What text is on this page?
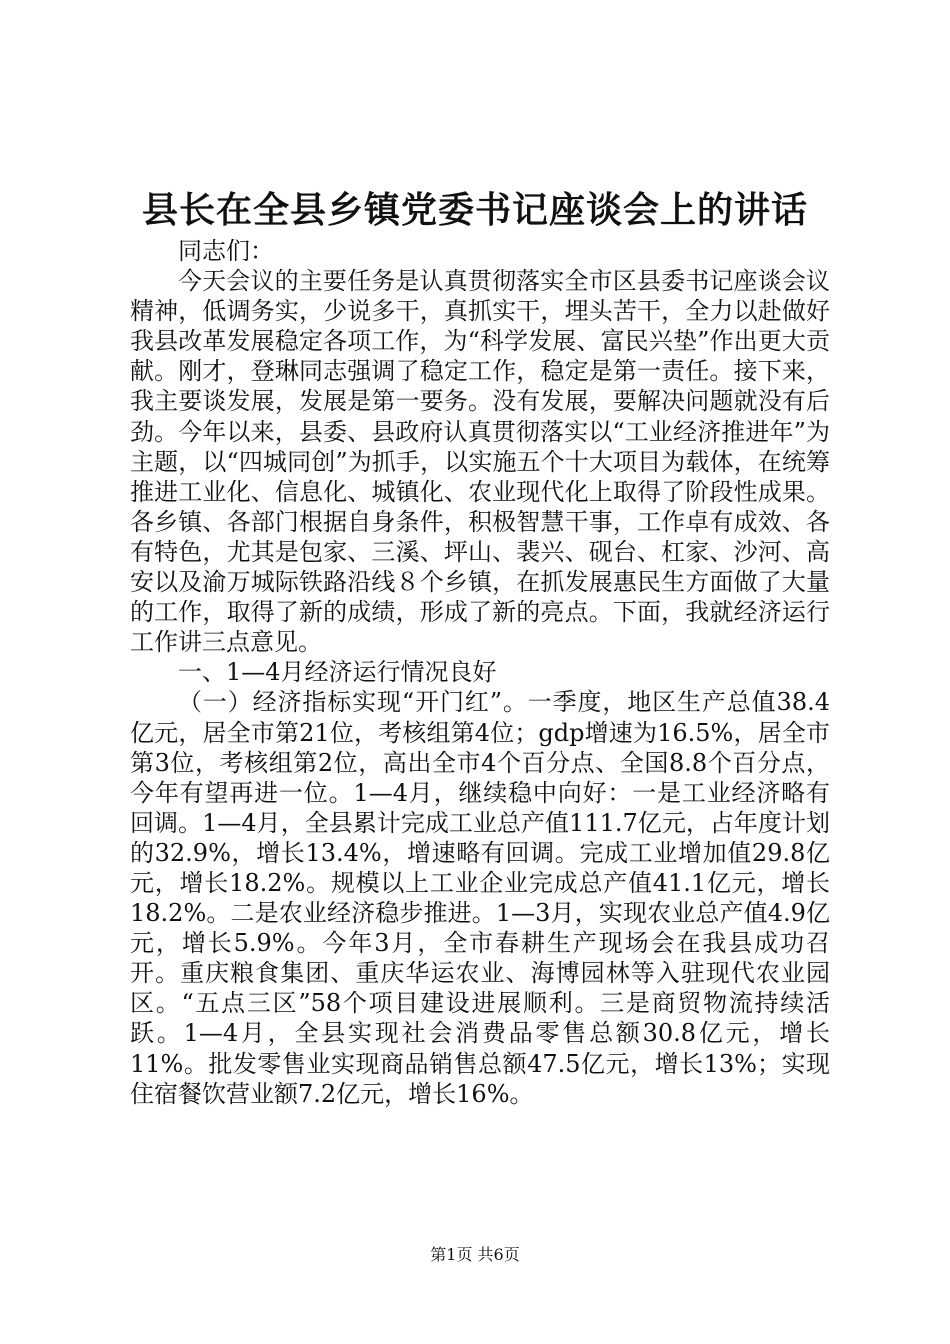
县长在全县乡镇党委书记座谈会上的讲话

同志们：

今天会议的主要任务是认真贯彻落实全市区县委书记座谈会议精神，低调务实，少说多干，真抓实干，埋头苦干，全力以赴做好我县改革发展稳定各项工作，为“科学发展、富民兴垫”作出更大贡献。刚才，登琳同志强调了稳定工作，稳定是第一责任。接下来，我主要谈发展，发展是第一要务。没有发展，要解决问题就没有后劲。今年以来，县委、县政府认真贯彻落实以“工业经济推进年”为主题，以“四城同创”为抓手，以实施五个十大项目为载体，在统筹推进工业化、信息化、城镇化、农业现代化上取得了阶段性成果。各乡镇、各部门根据自身条件，积极智慧干事，工作卓有成效、各有特色，尤其是包家、三溪、坪山、裴兴、砚台、杠家、沙河、高安以及渝万城际铁路沿线８个乡镇，在抓发展惠民生方面做了大量的工作，取得了新的成绩，形成了新的亮点。下面，我就经济运行工作讲三点意见。

一、1—4月经济运行情况良好

（一）经济指标实现“开门红”。一季度，地区生产总值38.4亿元，居全市第21位，考核组第4位；gdp增速为16.5%，居全市第3位，考核组第2位，高出全市4个百分点、全国8.8个百分点，今年有望再进一位。1—4月，继续稳中向好：一是工业经济略有回调。1—4月，全县累计完成工业总产值111.7亿元，占年度计划的32.9%，增长13.4%，增速略有回调。完成工业增加值29.8亿元，增长18.2%。规模以上工业企业完成总产值41.1亿元，增长18.2%。二是农业经济稳步推进。1—3月，实现农业总产值4.9亿元，增长5.9%。今年3月，全市春耕生产现场会在我县成功召开。重庆粮食集团、重庆华运农业、海博园林等入驻现代农业园区。“五点三区”58个项目建设进展顺利。三是商贸物流持续活跃。1—4月，全县实现社会消费品零售总额30.8亿元，增长11%。批发零售业实现商品销售总额47.5亿元，增长13%；实现住宿餐饮营业额7.2亿元，增长16%。

第1页 共6页
